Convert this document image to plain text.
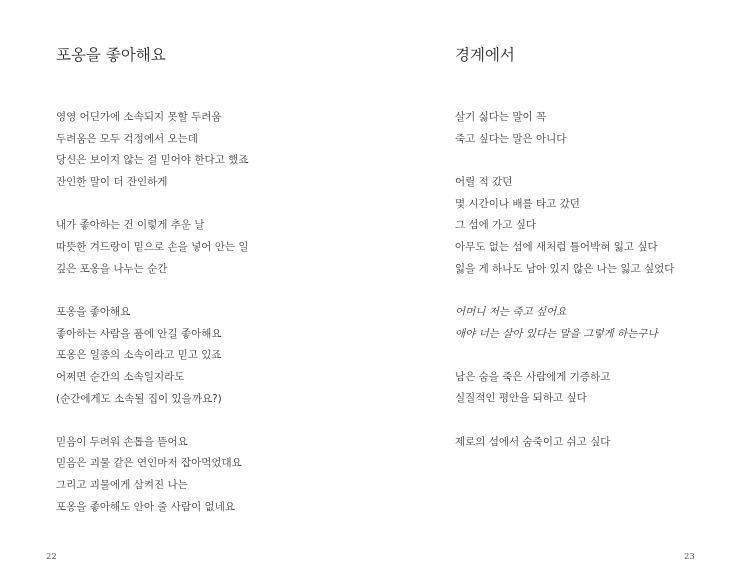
포옹을 좋아해요
영영 어딘가에 소속되지 못할 두려움
두려움은 모두 걱정에서 오는데
당신은 보이지 않는 걸 믿어야 한다고 했죠
잔인한 말이 더 잔인하게
내가 좋아하는 건 이렇게 추운 날
따뜻한 겨드랑이 밑으로 손을 넣어 안는 일
깊은 포옹을 나누는 순간
포옹을 좋아해요
좋아하는 사람을 품에 안길 좋아해요
포옹은 일종의 소속이라고 믿고 있죠
어쩌면 순간의 소속일지라도
(순간에게도 소속될 집이 있을까요?)
믿음이 두려워 손톱을 뜯어요
믿음은 괴물 같은 연인마저 잡아먹었대요
그리고 괴물에게 삼켜진 나는
포옹을 좋아해도 안아 줄 사람이 없네요
22
경계에서
살기 싫다는 말이 꼭
죽고 싶다는 말은 아니다
어릴 적 갔던
몇 시간이나 배를 타고 갔던
그 섬에 가고 싶다
아무도 없는 섬에 새처럼 틀어박혀 잃고 싶다
잃을 게 하나도 남아 있지 않은 나는 잃고 싶었다
어머니 저는 죽고 싶어요
애야 너는 살아 있다는 말을 그렇게 하는구나
남은 숨을 죽은 사람에게 기증하고
실질적인 평안을 되하고 싶다
제로의 섬에서 숨죽이고 쉬고 싶다
23
